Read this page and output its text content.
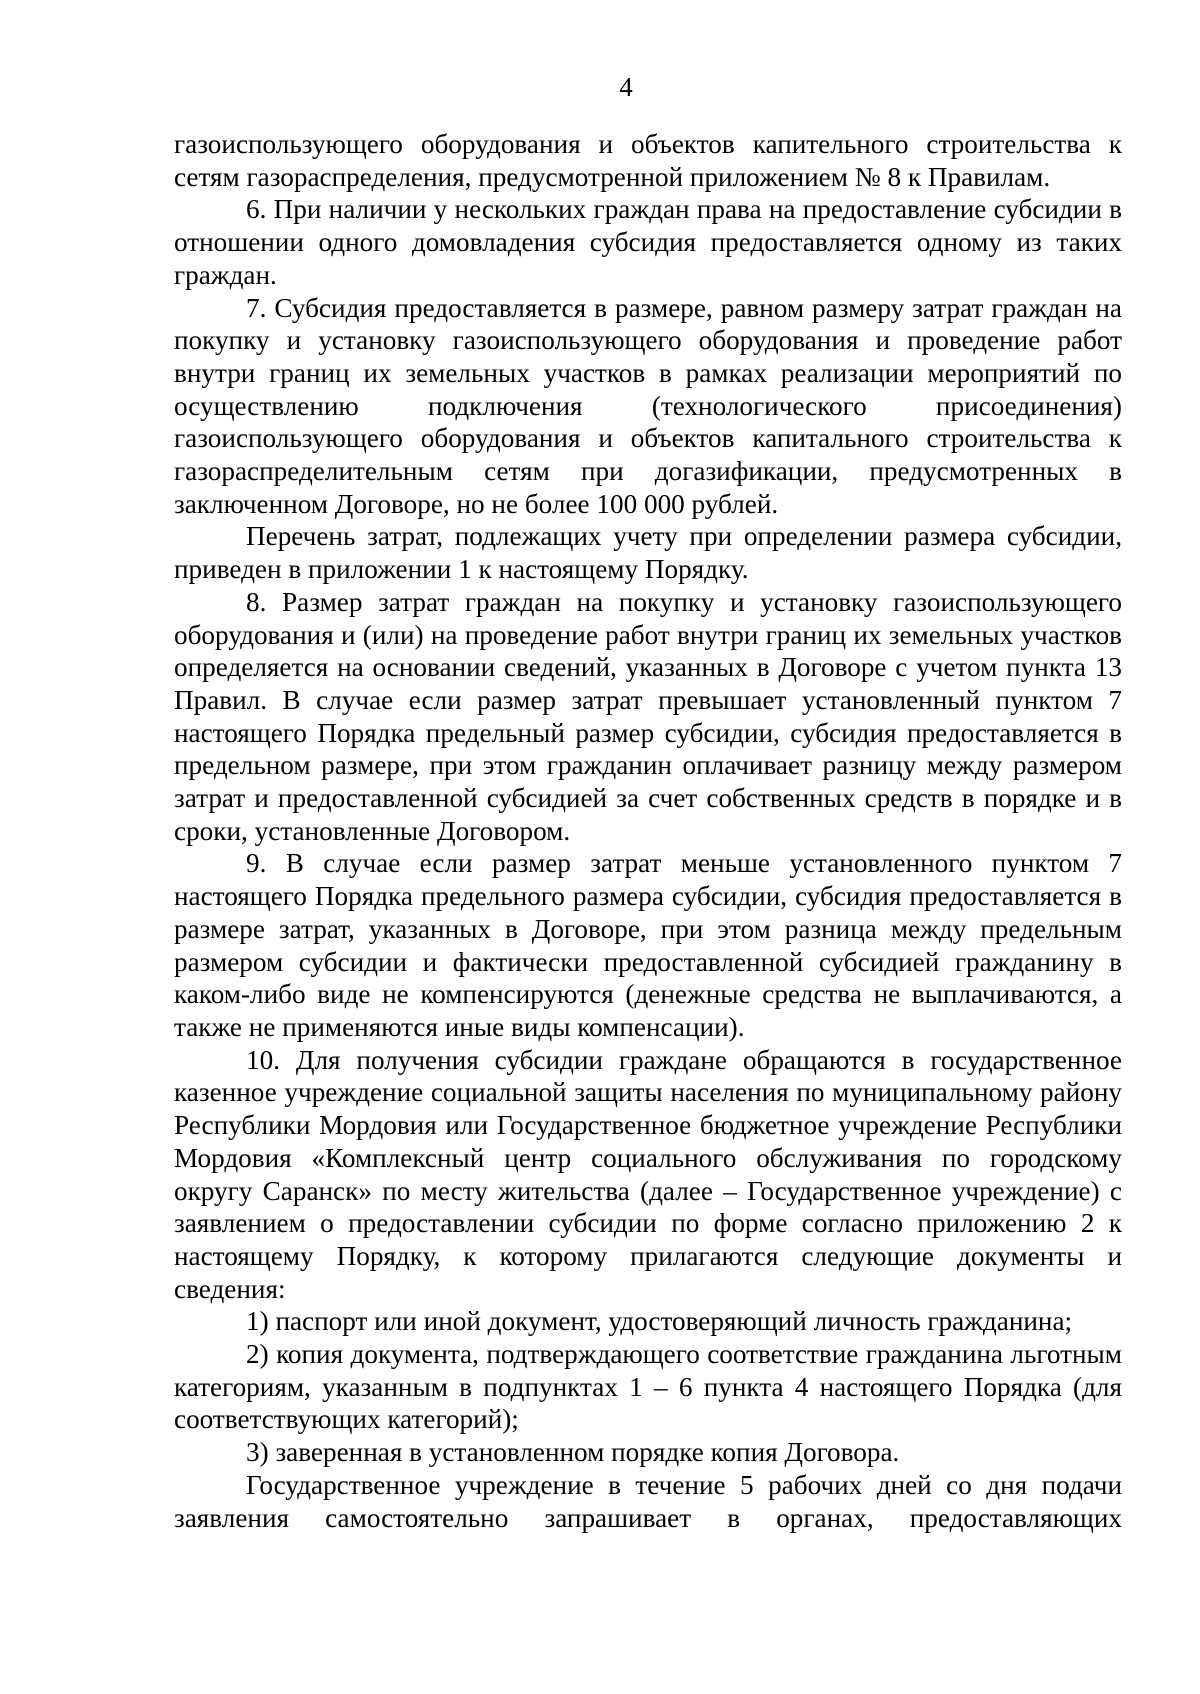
4

газоиспользующего оборудования и объектов капительного строительства к сетям газораспределения, предусмотренной приложением № 8 к Правилам.

6. При наличии у нескольких граждан права на предоставление субсидии в отношении одного домовладения субсидия предоставляется одному из таких граждан.

7. Субсидия предоставляется в размере, равном размеру затрат граждан на покупку и установку газоиспользующего оборудования и проведение работ внутри границ их земельных участков в рамках реализации мероприятий по осуществлению подключения (технологического присоединения) газоиспользующего оборудования и объектов капитального строительства к газораспределительным сетям при догазификации, предусмотренных в заключенном Договоре, но не более 100 000 рублей.

Перечень затрат, подлежащих учету при определении размера субсидии, приведен в приложении 1 к настоящему Порядку.

8. Размер затрат граждан на покупку и установку газоиспользующего оборудования и (или) на проведение работ внутри границ их земельных участков определяется на основании сведений, указанных в Договоре с учетом пункта 13 Правил. В случае если размер затрат превышает установленный пунктом 7 настоящего Порядка предельный размер субсидии, субсидия предоставляется в предельном размере, при этом гражданин оплачивает разницу между размером затрат и предоставленной субсидией за счет собственных средств в порядке и в сроки, установленные Договором.

9. В случае если размер затрат меньше установленного пунктом 7 настоящего Порядка предельного размера субсидии, субсидия предоставляется в размере затрат, указанных в Договоре, при этом разница между предельным размером субсидии и фактически предоставленной субсидией гражданину в каком-либо виде не компенсируются (денежные средства не выплачиваются, а также не применяются иные виды компенсации).

10. Для получения субсидии граждане обращаются в государственное казенное учреждение социальной защиты населения по муниципальному району Республики Мордовия или Государственное бюджетное учреждение Республики Мордовия «Комплексный центр социального обслуживания по городскому округу Саранск» по месту жительства (далее – Государственное учреждение) с заявлением о предоставлении субсидии по форме согласно приложению 2 к настоящему Порядку, к которому прилагаются следующие документы и сведения:

1) паспорт или иной документ, удостоверяющий личность гражданина;

2) копия документа, подтверждающего соответствие гражданина льготным категориям, указанным в подпунктах 1 – 6 пункта 4 настоящего Порядка (для соответствующих категорий);

3) заверенная в установленном порядке копия Договора.

Государственное учреждение в течение 5 рабочих дней со дня подачи заявления самостоятельно запрашивает в органах, предоставляющих
